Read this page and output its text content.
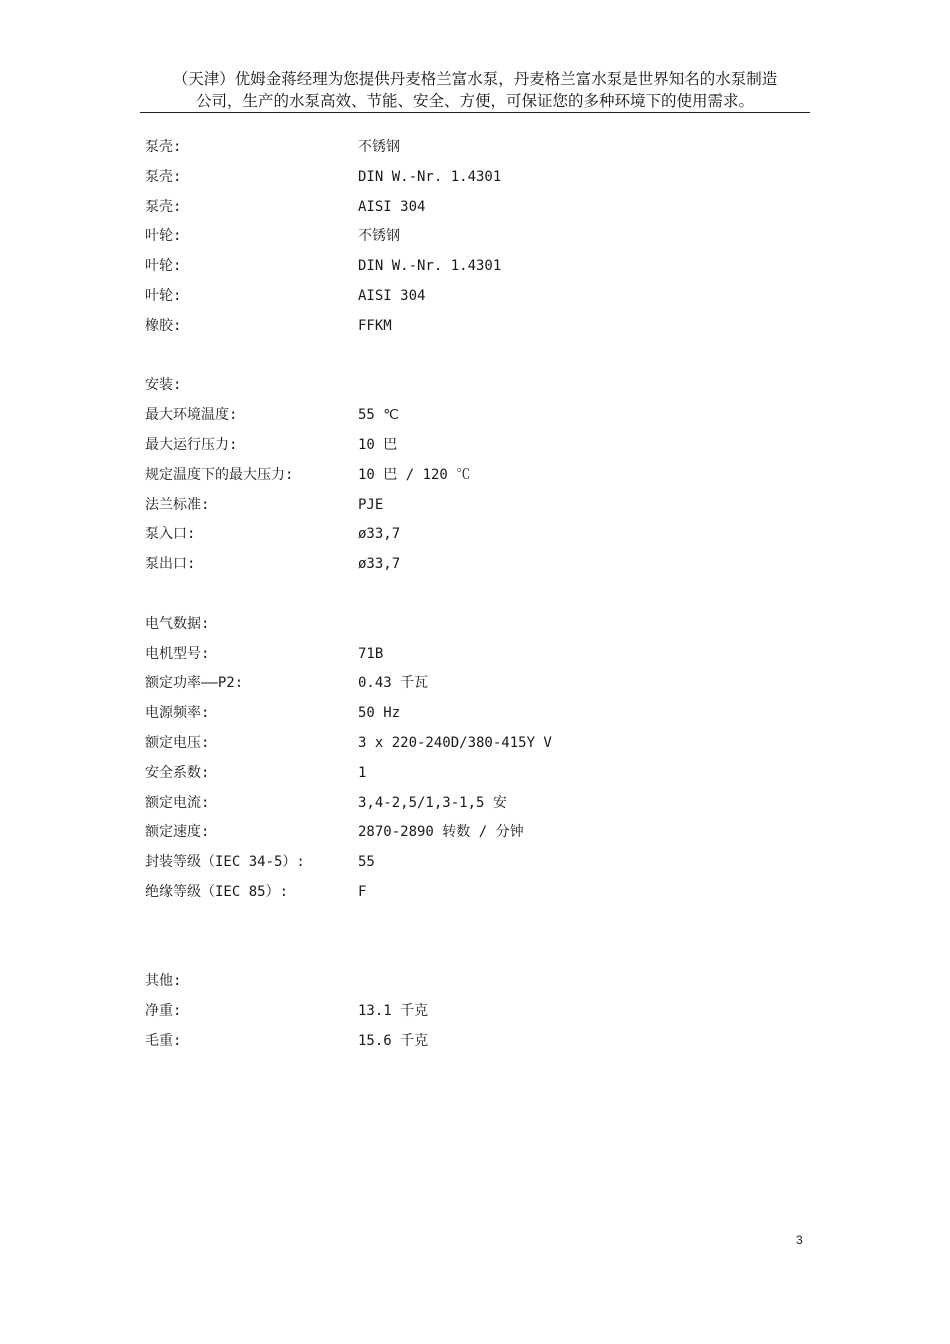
（天津）优姆金蒋经理为您提供丹麦格兰富水泵，丹麦格兰富水泵是世界知名的水泵制造
公司，生产的水泵高效、节能、安全、方便，可保证您的多种环境下的使用需求。
泵壳:	不锈钢
泵壳:	DIN W.-Nr. 1.4301
泵壳:	AISI 304
叶轮:	不锈钢
叶轮:	DIN W.-Nr. 1.4301
叶轮:	AISI 304
橡胶:	FFKM
安装:
最大环境温度:	55 ℃
最大运行压力:	10 巴
规定温度下的最大压力:	10 巴 / 120 ℃
法兰标准:	PJE
泵入口:	ø33,7
泵出口:	ø33,7
电气数据:
电机型号:	71B
额定功率——P2:	0.43 千瓦
电源频率:	50 Hz
额定电压:	3 x 220-240D/380-415Y V
安全系数:	1
额定电流:	3,4-2,5/1,3-1,5 安
额定速度:	2870-2890 转数 / 分钟
封装等级（IEC 34-5）:	55
绝缘等级（IEC 85）:	F
其他:
净重:	13.1 千克
毛重:	15.6 千克
3
